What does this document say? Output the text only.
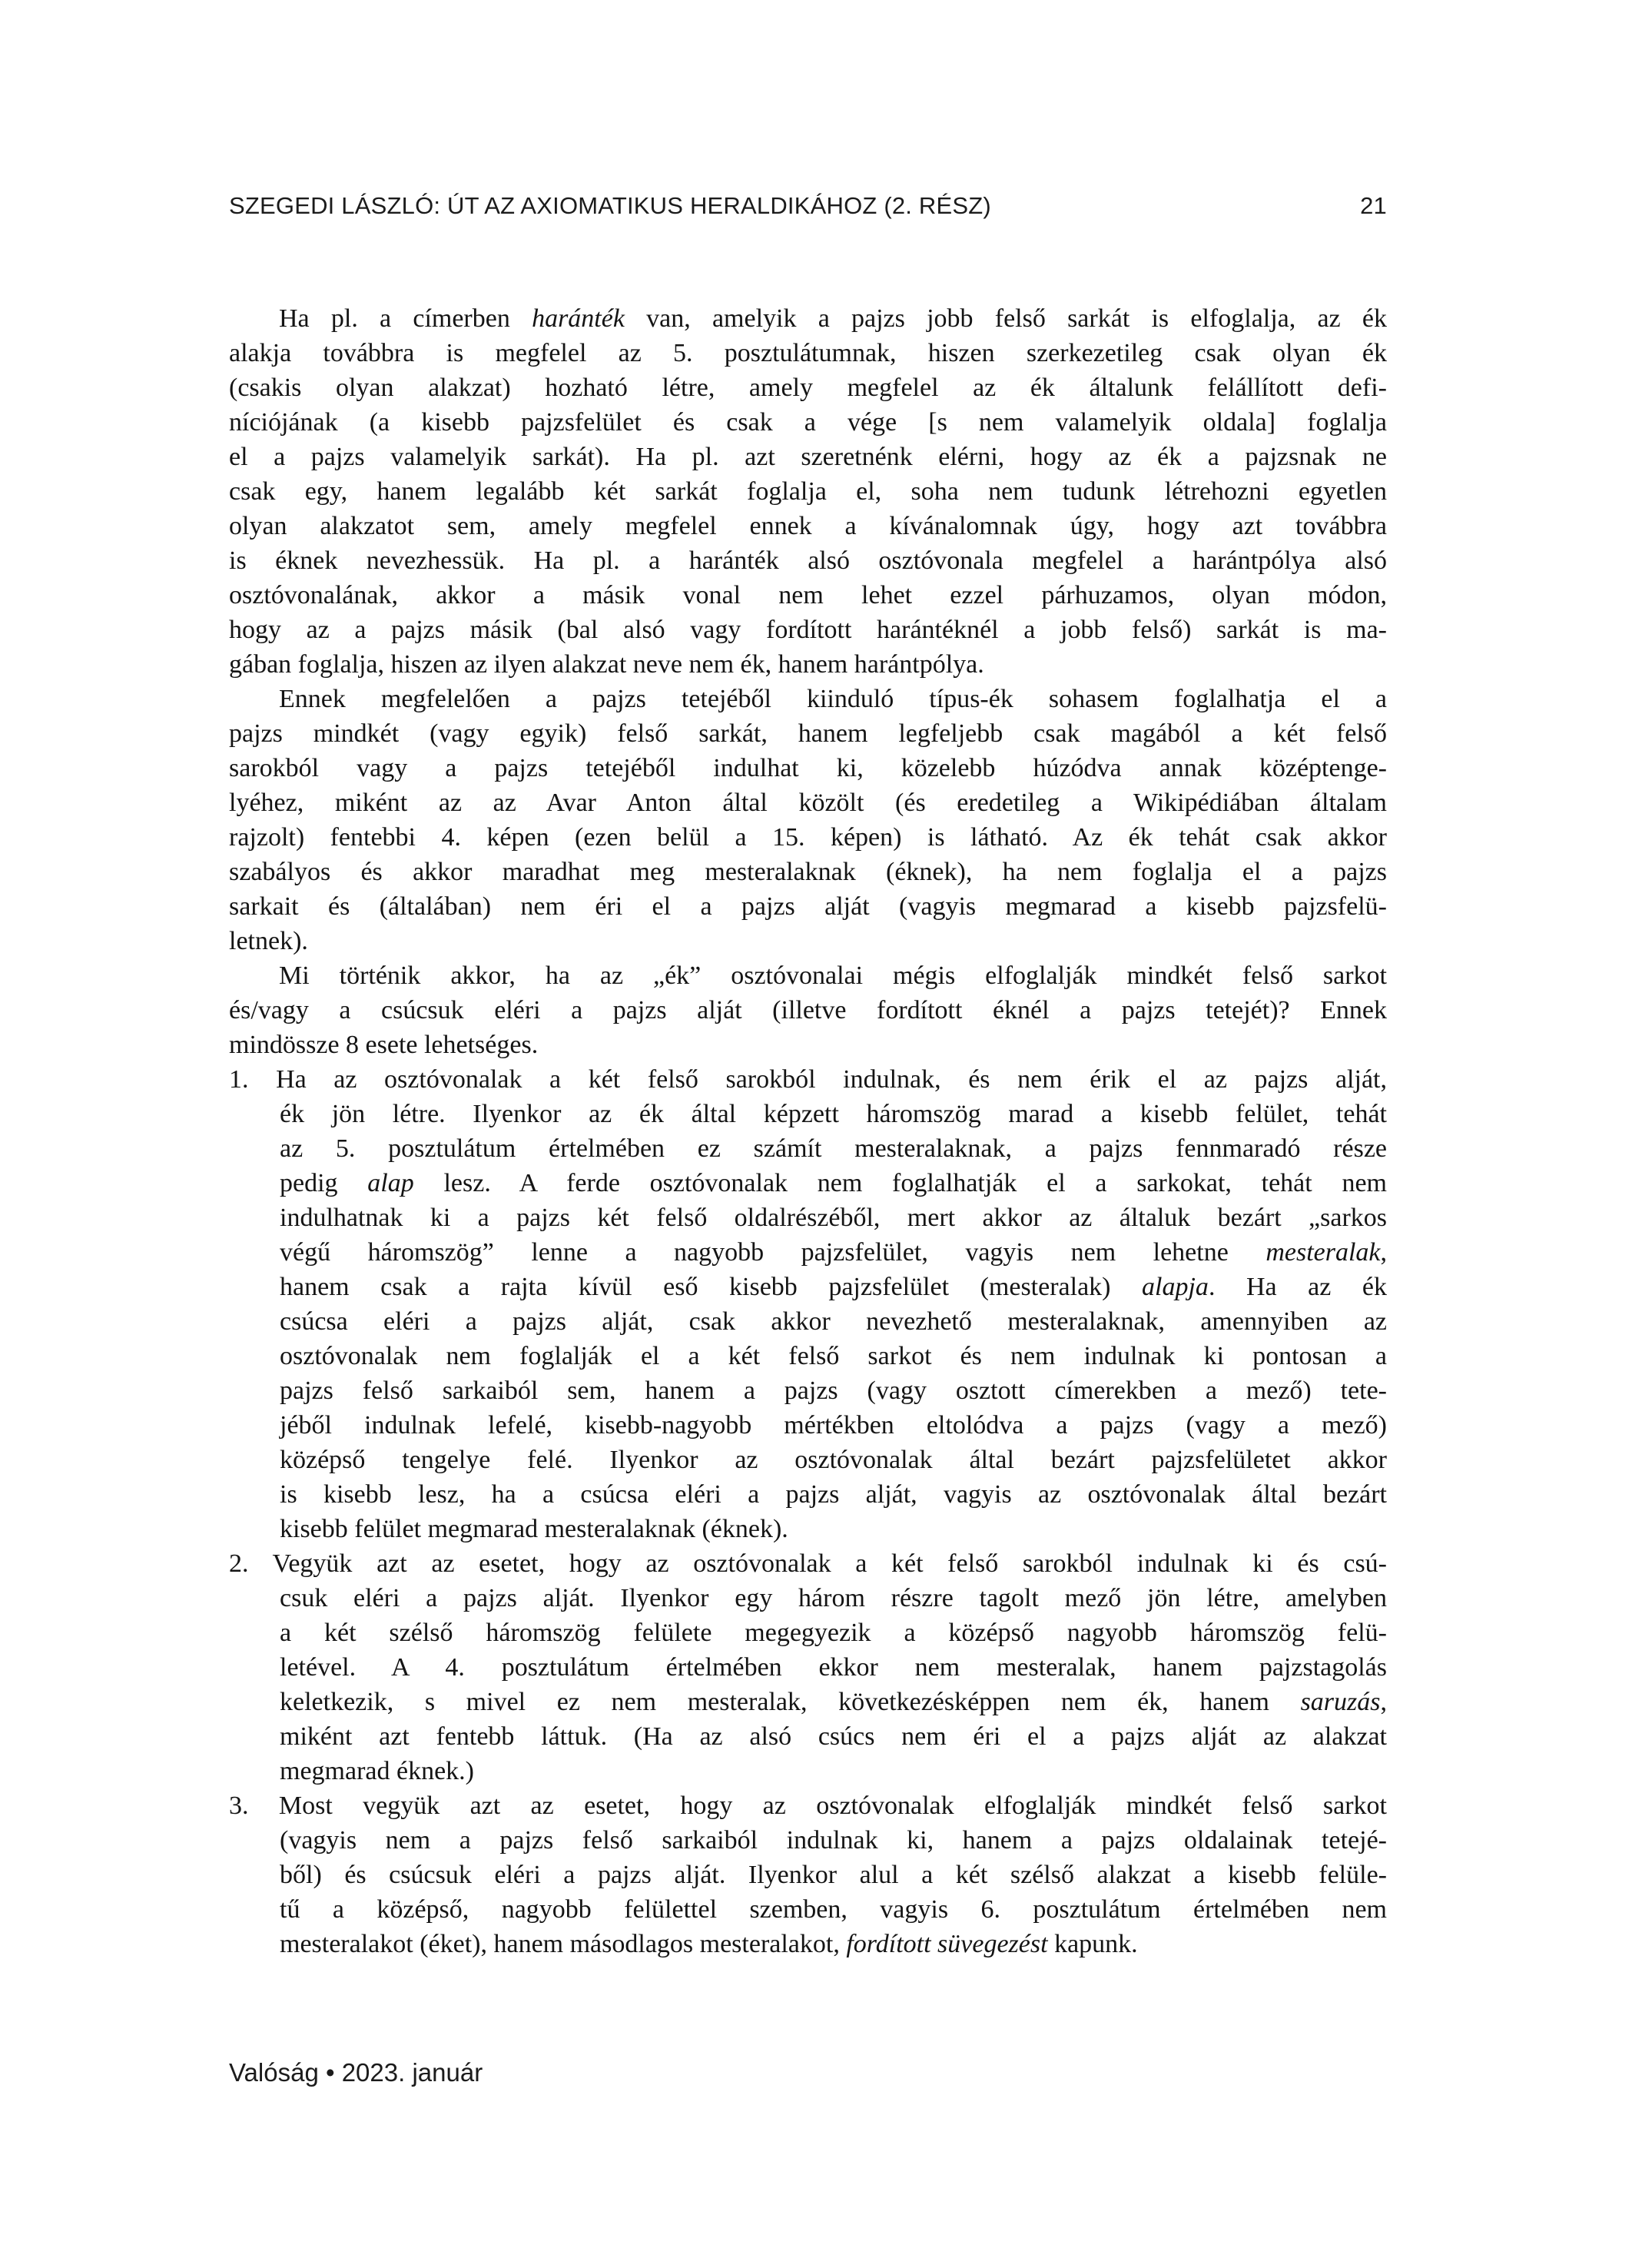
SZEGEDI LÁSZLÓ: ÚT AZ AXIOMATIKUS HERALDIKÁHOZ (2. RÉSZ)	21
Ha pl. a címerben haránték van, amelyik a pajzs jobb felső sarkát is elfoglalja, az ék
alakja továbbra is megfelel az 5. posztulátumnak, hiszen szerkezetileg csak olyan ék
(csakis olyan alakzat) hozható létre, amely megfelel az ék általunk felállított defi-
níciójának (a kisebb pajzsfelület és csak a vége [s nem valamelyik oldala] foglalja
el a pajzs valamelyik sarkát). Ha pl. azt szeretnénk elérni, hogy az ék a pajzsnak ne
csak egy, hanem legalább két sarkát foglalja el, soha nem tudunk létrehozni egyetlen
olyan alakzatot sem, amely megfelel ennek a kívánalomnak úgy, hogy azt továbbra
is éknek nevezhessük. Ha pl. a haránték alsó osztóvonala megfelel a harántpólya alsó
osztóvonalának, akkor a másik vonal nem lehet ezzel párhuzamos, olyan módon,
hogy az a pajzs másik (bal alsó vagy fordított harántéknél a jobb felső) sarkát is ma-
gában foglalja, hiszen az ilyen alakzat neve nem ék, hanem harántpólya.
Ennek megfelelően a pajzs tetejéből kiinduló típus-ék sohasem foglalhatja el a
pajzs mindkét (vagy egyik) felső sarkát, hanem legfeljebb csak magából a két felső
sarokból vagy a pajzs tetejéből indulhat ki, közelebb húzódva annak középtenge-
lyéhez, miként az az Avar Anton által közölt (és eredetileg a Wikipédiában általam
rajzolt) fentebbi 4. képen (ezen belül a 15. képen) is látható. Az ék tehát csak akkor
szabályos és akkor maradhat meg mesteralaknak (éknek), ha nem foglalja el a pajzs
sarkait és (általában) nem éri el a pajzs alját (vagyis megmarad a kisebb pajzsfelü-
letnek).
Mi történik akkor, ha az „ék” osztóvonalai mégis elfoglalják mindkét felső sarkot
és/vagy a csúcsuk eléri a pajzs alját (illetve fordított éknél a pajzs tetejét)? Ennek
mindössze 8 esete lehetséges.
1. Ha az osztóvonalak a két felső sarokból indulnak, és nem érik el az pajzs alját,
ék jön létre. Ilyenkor az ék által képzett háromszög marad a kisebb felület, tehát
az 5. posztulátum értelmében ez számít mesteralaknak, a pajzs fennmaradó része
pedig alap lesz. A ferde osztóvonalak nem foglalhatják el a sarkokat, tehát nem
indulhatnak ki a pajzs két felső oldalrészéből, mert akkor az általuk bezárt „sarkos
végű háromszög” lenne a nagyobb pajzsfelület, vagyis nem lehetne mesteralak,
hanem csak a rajta kívül eső kisebb pajzsfelület (mesteralak) alapja. Ha az ék
csúcsa eléri a pajzs alját, csak akkor nevezhető mesteralaknak, amennyiben az
osztóvonalak nem foglalják el a két felső sarkot és nem indulnak ki pontosan a
pajzs felső sarkaiból sem, hanem a pajzs (vagy osztott címerekben a mező) tete-
jéből indulnak lefelé, kisebb-nagyobb mértékben eltolódva a pajzs (vagy a mező)
középső tengelye felé. Ilyenkor az osztóvonalak által bezárt pajzsfelületet akkor
is kisebb lesz, ha a csúcsa eléri a pajzs alját, vagyis az osztóvonalak által bezárt
kisebb felület megmarad mesteralaknak (éknek).
2. Vegyük azt az esetet, hogy az osztóvonalak a két felső sarokból indulnak ki és csú-
csuk eléri a pajzs alját. Ilyenkor egy három részre tagolt mező jön létre, amelyben
a két szélső háromszög felülete megegyezik a középső nagyobb háromszög felü-
letével. A 4. posztulátum értelmében ekkor nem mesteralak, hanem pajzstagolás
keletkezik, s mivel ez nem mesteralak, következésképpen nem ék, hanem saruzás,
miként azt fentebb láttuk. (Ha az alsó csúcs nem éri el a pajzs alját az alakzat
megmarad éknek.)
3. Most vegyük azt az esetet, hogy az osztóvonalak elfoglalják mindkét felső sarkot
(vagyis nem a pajzs felső sarkaiból indulnak ki, hanem a pajzs oldalainak tetejé-
ből) és csúcsuk eléri a pajzs alját. Ilyenkor alul a két szélső alakzat a kisebb felüle-
tű a középső, nagyobb felülettel szemben, vagyis 6. posztulátum értelmében nem
mesteralakot (éket), hanem másodlagos mesteralakot, fordított süvegezést kapunk.
Valóság • 2023. január
